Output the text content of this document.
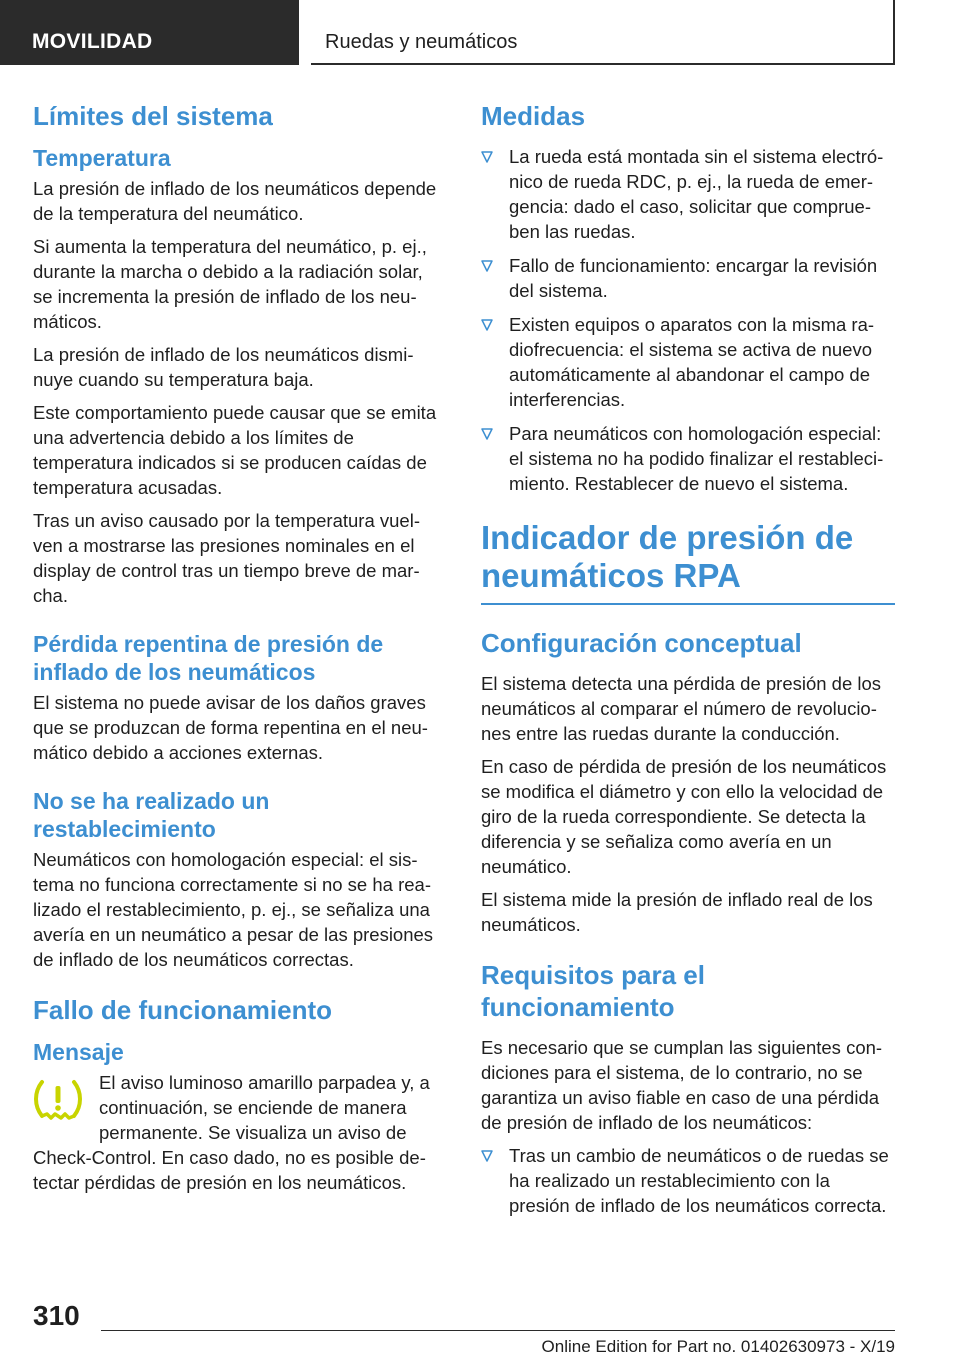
MOVILIDAD	Ruedas y neumáticos
Límites del sistema
Temperatura

La presión de inflado de los neumáticos depende de la temperatura del neumático.

Si aumenta la temperatura del neumático, p. ej., durante la marcha o debido a la radiación solar, se incrementa la presión de inflado de los neumáticos.

La presión de inflado de los neumáticos disminuye cuando su temperatura baja.

Este comportamiento puede causar que se emita una advertencia debido a los límites de temperatura indicados si se producen caídas de temperatura acusadas.

Tras un aviso causado por la temperatura vuelven a mostrarse las presiones nominales en el display de control tras un tiempo breve de marcha.

Pérdida repentina de presión de inflado de los neumáticos

El sistema no puede avisar de los daños graves que se produzcan de forma repentina en el neumático debido a acciones externas.

No se ha realizado un restablecimiento

Neumáticos con homologación especial: el sistema no funciona correctamente si no se ha realizado el restablecimiento, p. ej., se señaliza una avería en un neumático a pesar de las presiones de inflado de los neumáticos correctas.

Fallo de funcionamiento
Mensaje

El aviso luminoso amarillo parpadea y, a continuación, se enciende de manera permanente. Se visualiza un aviso de
Check-Control. En caso dado, no es posible detectar pérdidas de presión en los neumáticos.

Medidas
La rueda está montada sin el sistema electrónico de rueda RDC, p. ej., la rueda de emergencia: dado el caso, solicitar que comprueben las ruedas.
Fallo de funcionamiento: encargar la revisión del sistema.
Existen equipos o aparatos con la misma radiofrecuencia: el sistema se activa de nuevo automáticamente al abandonar el campo de interferencias.
Para neumáticos con homologación especial: el sistema no ha podido finalizar el restablecimiento. Restablecer de nuevo el sistema.
Indicador de presión de neumáticos RPA
Configuración conceptual

El sistema detecta una pérdida de presión de los neumáticos al comparar el número de revoluciones entre las ruedas durante la conducción.

En caso de pérdida de presión de los neumáticos se modifica el diámetro y con ello la velocidad de giro de la rueda correspondiente. Se detecta la diferencia y se señaliza como avería en un neumático.

El sistema mide la presión de inflado real de los neumáticos.

Requisitos para el funcionamiento

Es necesario que se cumplan las siguientes condiciones para el sistema, de lo contrario, no se garantiza un aviso fiable en caso de una pérdida de presión de inflado de los neumáticos:

Tras un cambio de neumáticos o de ruedas se ha realizado un restablecimiento con la presión de inflado de los neumáticos correcta.
310
Online Edition for Part no. 01402630973 - X/19
